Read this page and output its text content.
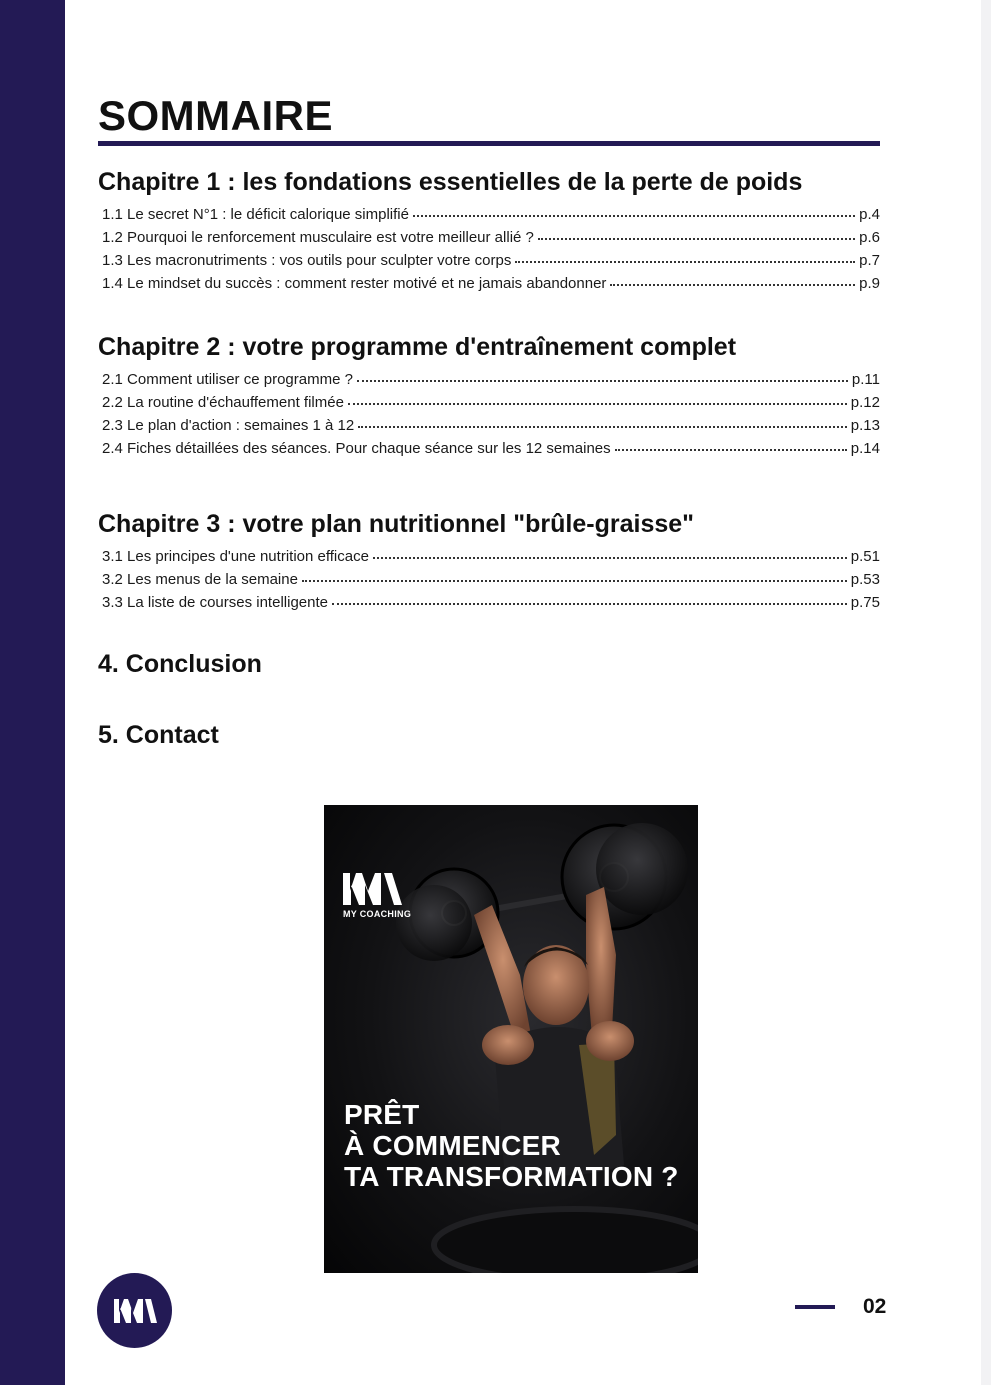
SOMMAIRE
Chapitre 1 : les fondations essentielles de la perte de poids
1.1 Le secret N°1 : le déficit calorique simplifié	p.4
1.2 Pourquoi le renforcement musculaire est votre meilleur allié ?	p.6
1.3 Les macronutriments : vos outils pour sculpter votre corps	p.7
1.4 Le mindset du succès : comment rester motivé et ne jamais abandonner	p.9
Chapitre 2 : votre programme d'entraînement complet
2.1 Comment utiliser ce programme ?	p.11
2.2 La routine d'échauffement filmée	p.12
2.3 Le plan d'action : semaines 1 à 12	p.13
2.4 Fiches détaillées des séances. Pour chaque séance sur les 12 semaines	p.14
Chapitre 3 : votre plan nutritionnel "brûle-graisse"
3.1 Les principes d'une nutrition efficace	p.51
3.2 Les menus de la semaine	p.53
3.3 La liste de courses intelligente	p.75
4. Conclusion
5. Contact
MY COACHING
PRÊT
À COMMENCER
TA TRANSFORMATION ?
02
